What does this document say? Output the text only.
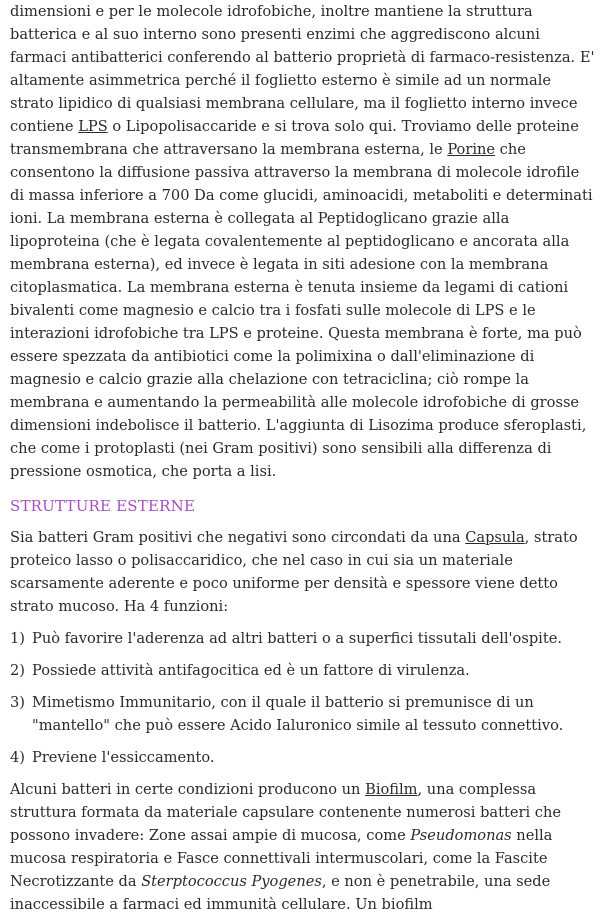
dimensioni e per le molecole idrofobiche, inoltre mantiene la struttura batterica e al suo interno sono presenti enzimi che aggrediscono alcuni farmaci antibatterici conferendo al batterio proprietà di farmaco-resistenza. E' altamente asimmetrica perché il foglietto esterno è simile ad un normale strato lipidico di qualsiasi membrana cellulare, ma il foglietto interno invece contiene LPS o Lipopolisaccaride e si trova solo qui. Troviamo delle proteine transmembrana che attraversano la membrana esterna, le Porine che consentono la diffusione passiva attraverso la membrana di molecole idrofile di massa inferiore a 700 Da come glucidi, aminoacidi, metaboliti e determinati ioni. La membrana esterna è collegata al Peptidoglicano grazie alla lipoproteina (che è legata covalentemente al peptidoglicano e ancorata alla membrana esterna), ed invece è legata in siti adesione con la membrana citoplasmatica. La membrana esterna è tenuta insieme da legami di cationi bivalenti come magnesio e calcio tra i fosfati sulle molecole di LPS e le interazioni idrofobiche tra LPS e proteine. Questa membrana è forte, ma può essere spezzata da antibiotici come la polimixina o dall'eliminazione di magnesio e calcio grazie alla chelazione con tetraciclina; ciò rompe la membrana e aumentando la permeabilità alle molecole idrofobiche di grosse dimensioni indebolisce il batterio. L'aggiunta di Lisozima produce sferoplasti, che come i protoplasti (nei Gram positivi) sono sensibili alla differenza di pressione osmotica, che porta a lisi.

STRUTTURE ESTERNE

Sia batteri Gram positivi che negativi sono circondati da una Capsula, strato proteico lasso o polisaccaridico, che nel caso in cui sia un materiale scarsamente aderente e poco uniforme per densità e spessore viene detto strato mucoso. Ha 4 funzioni:

1) Può favorire l'aderenza ad altri batteri o a superfici tissutali dell'ospite.
2) Possiede attività antifagocitica ed è un fattore di virulenza.
3) Mimetismo Immunitario, con il quale il batterio si premunisce di un "mantello" che può essere Acido Ialuronico simile al tessuto connettivo.
4) Previene l'essiccamento.

Alcuni batteri in certe condizioni producono un Biofilm, una complessa struttura formata da materiale capsulare contenente numerosi batteri che possono invadere: Zone assai ampie di mucosa, come Pseudomonas nella mucosa respiratoria e Fasce connettivali intermuscolari, come la Fascite Necrotizzante da Sterptococcus Pyogenes, e non è penetrabile, una sede inaccessibile a farmaci ed immunità cellulare. Un biofilm
